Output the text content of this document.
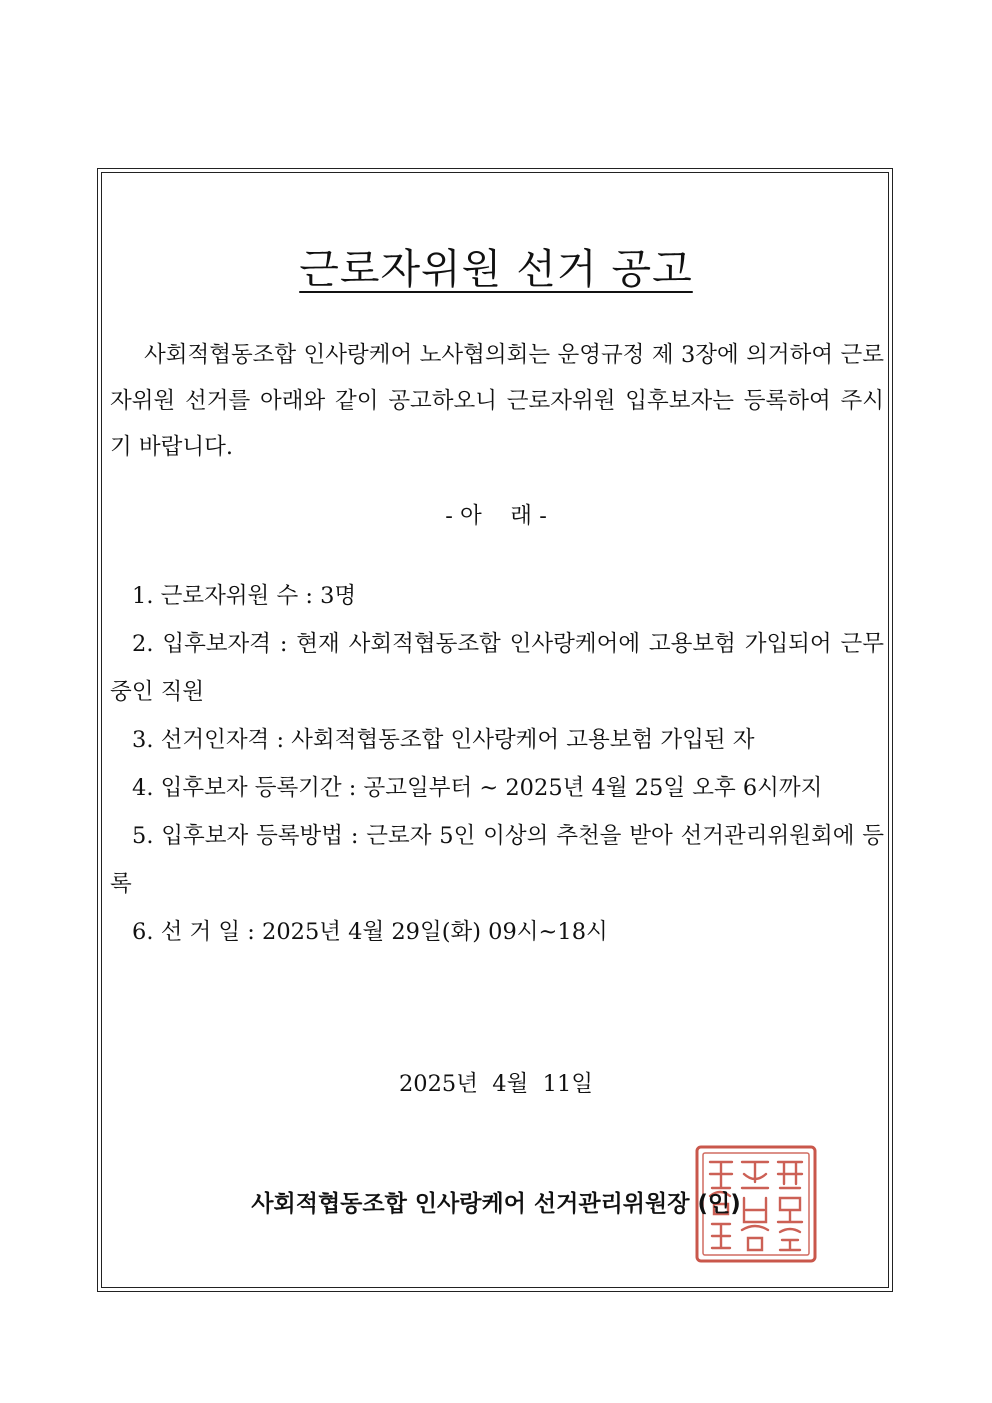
근로자위원 선거 공고

사회적협동조합 인사랑케어 노사협의회는 운영규정 제 3장에 의거하여 근로자위원 선거를 아래와 같이 공고하오니 근로자위원 입후보자는 등록하여 주시기 바랍니다.

- 아    래 -

1. 근로자위원 수 : 3명

2. 입후보자격 : 현재 사회적협동조합 인사랑케어에 고용보험 가입되어 근무 중인 직원

3. 선거인자격 : 사회적협동조합 인사랑케어 고용보험 가입된 자

4. 입후보자 등록기간 : 공고일부터 ~ 2025년 4월 25일 오후 6시까지

5. 입후보자 등록방법 : 근로자 5인 이상의 추천을 받아 선거관리위원회에 등록

6. 선 거 일 : 2025년 4월 29일(화) 09시~18시

2025년  4월  11일

사회적협동조합 인사랑케어 선거관리위원장 (인)
